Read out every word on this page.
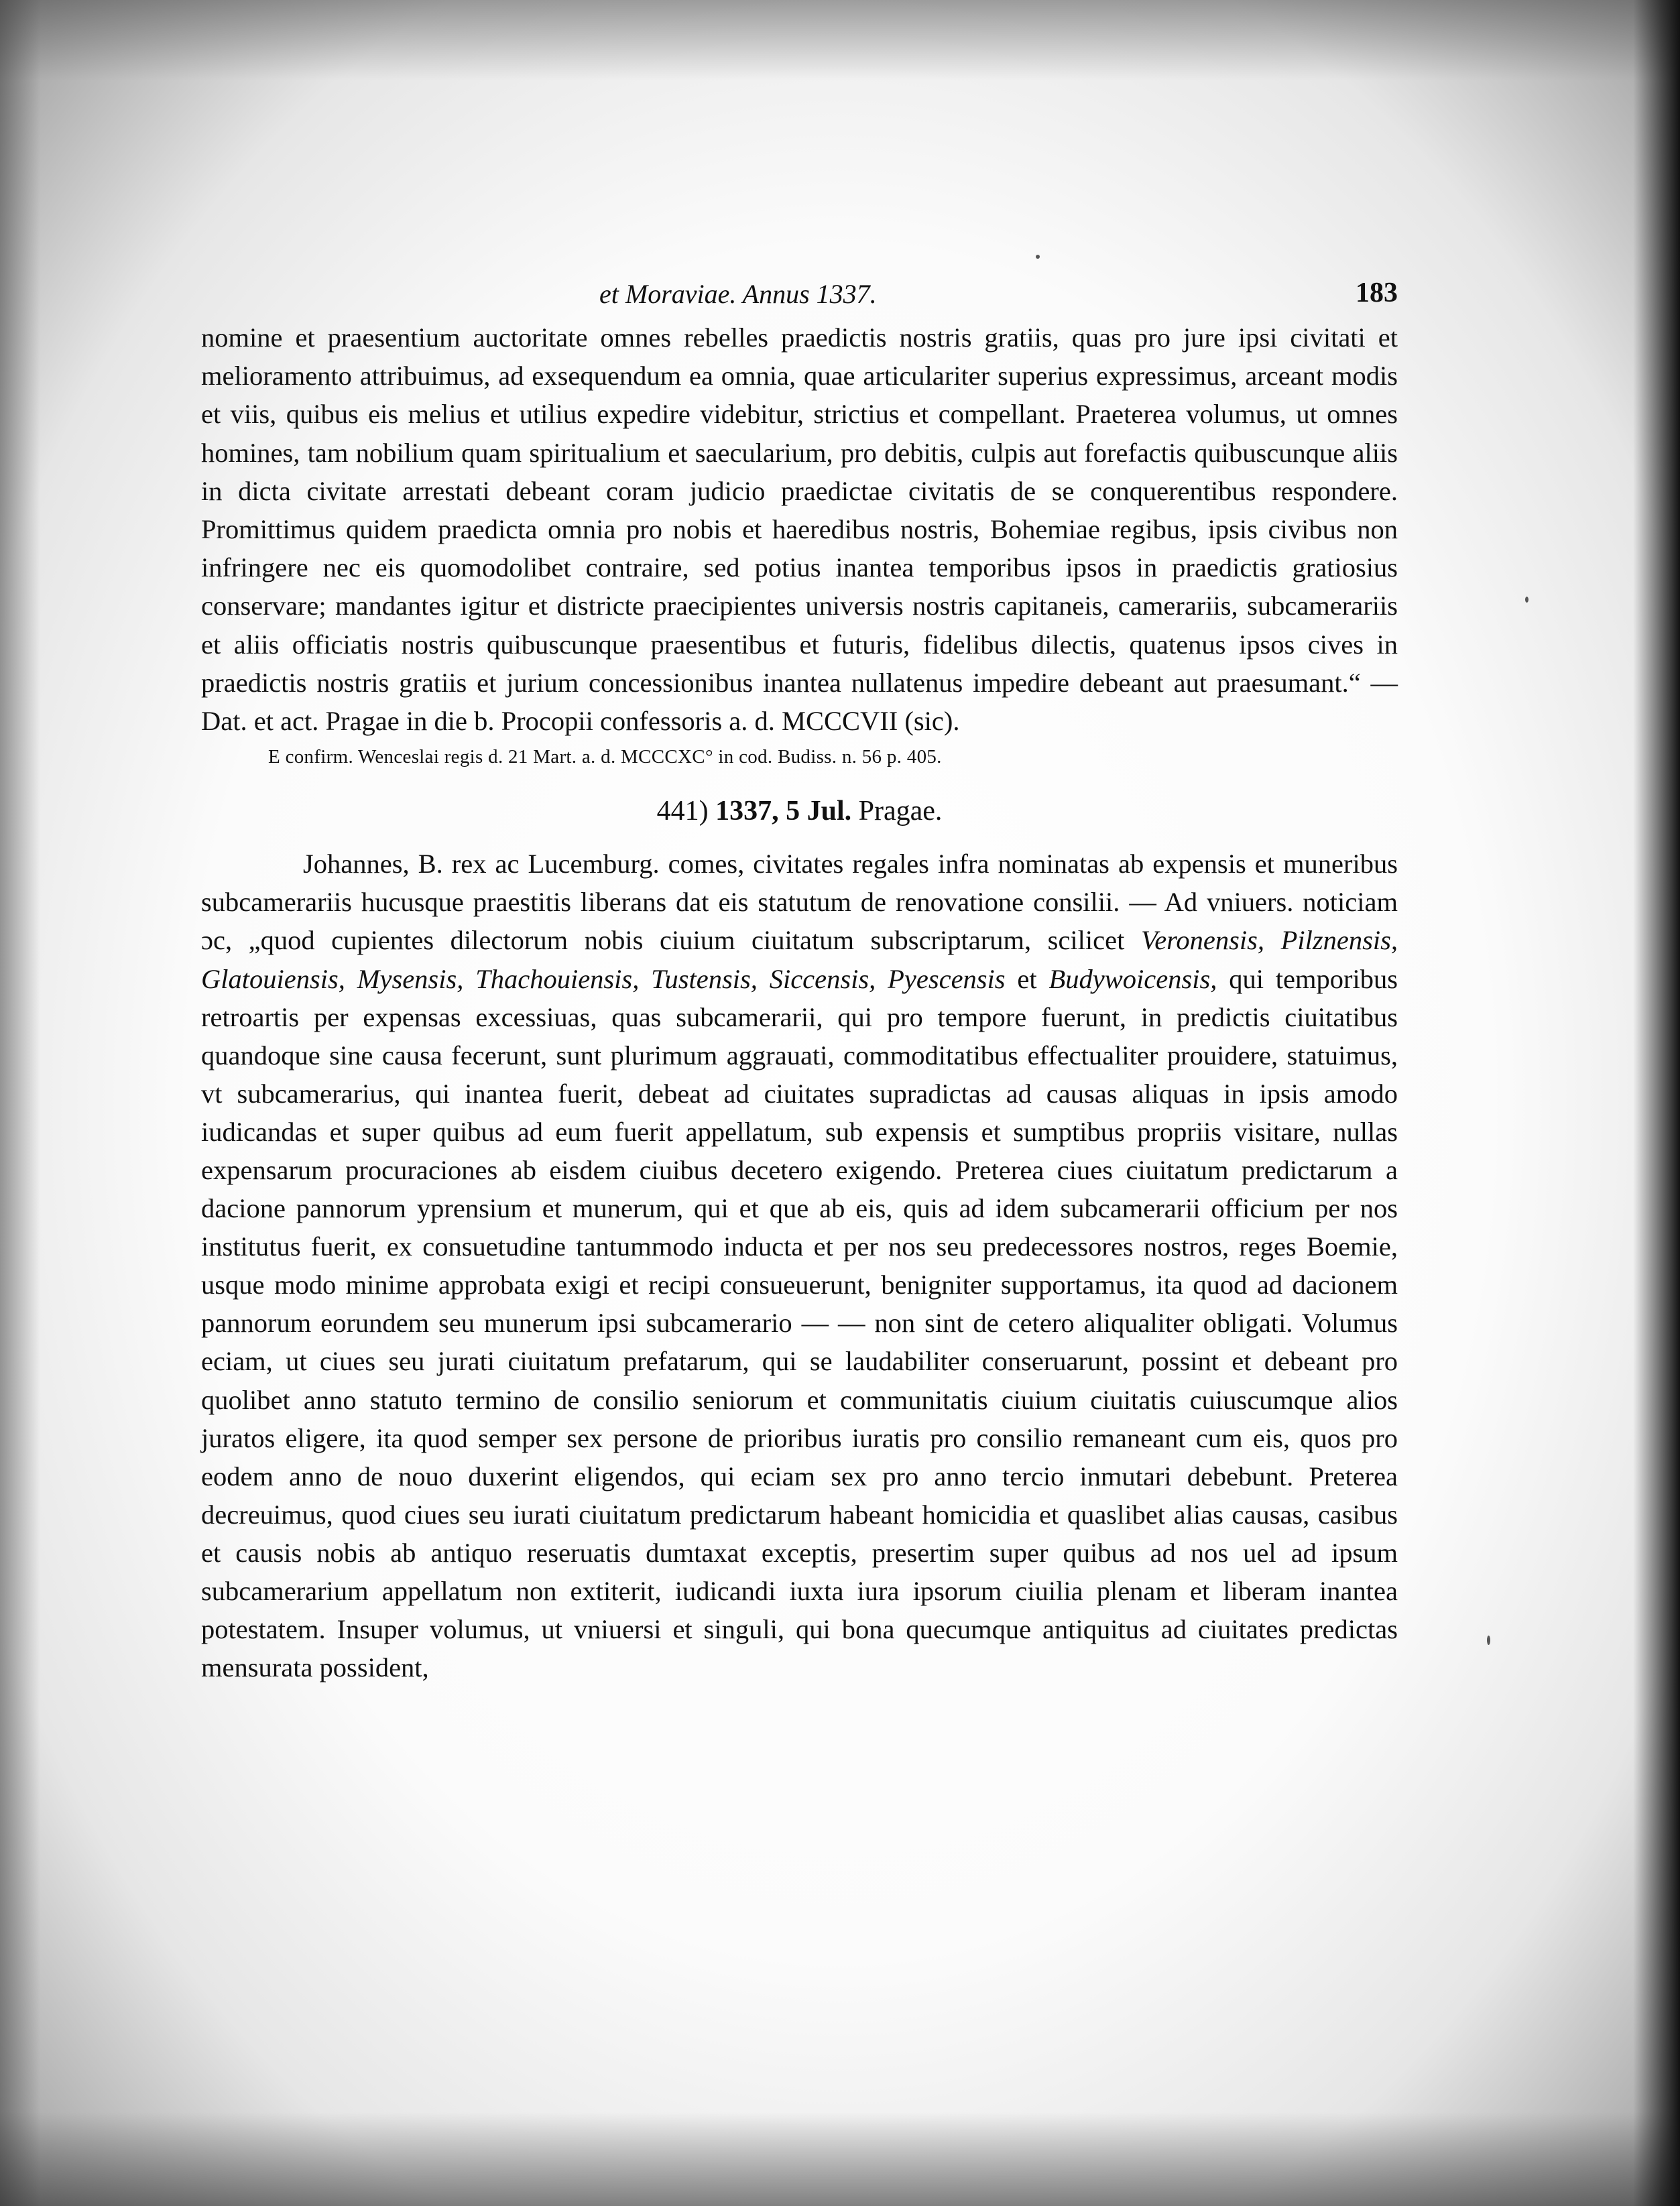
et Moraviae. Annus 1337.	183

nomine et praesentium auctoritate omnes rebelles praedictis nostris gratiis, quas pro jure ipsi civitati et melioramento attribuimus, ad exsequendum ea omnia, quae articulariter superius expressimus, arceant modis et viis, quibus eis melius et utilius expedire videbitur, strictius et compellant. Praeterea volumus, ut omnes homines, tam nobilium quam spiritualium et saecularium, pro debitis, culpis aut forefactis quibuscunque aliis in dicta civitate arrestati debeant coram judicio praedictae civitatis de se conquerentibus respondere. Promittimus quidem praedicta omnia pro nobis et haeredibus nostris, Bohemiae regibus, ipsis civibus non infringere nec eis quomodolibet contraire, sed potius inantea temporibus ipsos in praedictis gratiosius conservare; mandantes igitur et districte praecipientes universis nostris capitaneis, camerariis, subcamerariis et aliis officiatis nostris quibuscunque praesentibus et futuris, fidelibus dilectis, quatenus ipsos cives in praedictis nostris gratiis et jurium concessionibus inantea nullatenus impedire debeant aut praesumant.“ — Dat. et act. Pragae in die b. Procopii confessoris a. d. MCCCVII (sic).

E confirm. Wenceslai regis d. 21 Mart. a. d. MCCCXC° in cod. Budiss. n. 56 p. 405.

441) 1337, 5 Jul. Pragae.

Johannes, B. rex ac Lucemburg. comes, civitates regales infra nominatas ab expensis et muneribus subcamerariis hucusque praestitis liberans dat eis statutum de renovatione consilii. — Ad vniuers. noticiam ɔc, „quod cupientes dilectorum nobis ciuium ciuitatum subscriptarum, scilicet Veronensis, Pilznensis, Glatouiensis, Mysensis, Thachouiensis, Tustensis, Siccensis, Pyescensis et Budywoicensis, qui temporibus retroartis per expensas excessiuas, quas subcamerarii, qui pro tempore fuerunt, in predictis ciuitatibus quandoque sine causa fecerunt, sunt plurimum aggrauati, commoditatibus effectualiter prouidere, statuimus, vt subcamerarius, qui inantea fuerit, debeat ad ciuitates supradictas ad causas aliquas in ipsis amodo iudicandas et super quibus ad eum fuerit appellatum, sub expensis et sumptibus propriis visitare, nullas expensarum procuraciones ab eisdem ciuibus decetero exigendo. Preterea ciues ciuitatum predictarum a dacione pannorum yprensium et munerum, qui et que ab eis, quis ad idem subcamerarii officium per nos institutus fuerit, ex consuetudine tantummodo inducta et per nos seu predecessores nostros, reges Boemie, usque modo minime approbata exigi et recipi consueuerunt, benigniter supportamus, ita quod ad dacionem pannorum eorundem seu munerum ipsi subcamerario — — non sint de cetero aliqualiter obligati. Volumus eciam, ut ciues seu jurati ciuitatum prefatarum, qui se laudabiliter conseruarunt, possint et debeant pro quolibet anno statuto termino de consilio seniorum et communitatis ciuium ciuitatis cuiuscumque alios juratos eligere, ita quod semper sex persone de prioribus iuratis pro consilio remaneant cum eis, quos pro eodem anno de nouo duxerint eligendos, qui eciam sex pro anno tercio inmutari debebunt. Preterea decreuimus, quod ciues seu iurati ciuitatum predictarum habeant homicidia et quaslibet alias causas, casibus et causis nobis ab antiquo reseruatis dumtaxat exceptis, presertim super quibus ad nos uel ad ipsum subcamerarium appellatum non extiterit, iudicandi iuxta iura ipsorum ciuilia plenam et liberam inantea potestatem. Insuper volumus, ut vniuersi et singuli, qui bona quecumque antiquitus ad ciuitates predictas mensurata possident,
